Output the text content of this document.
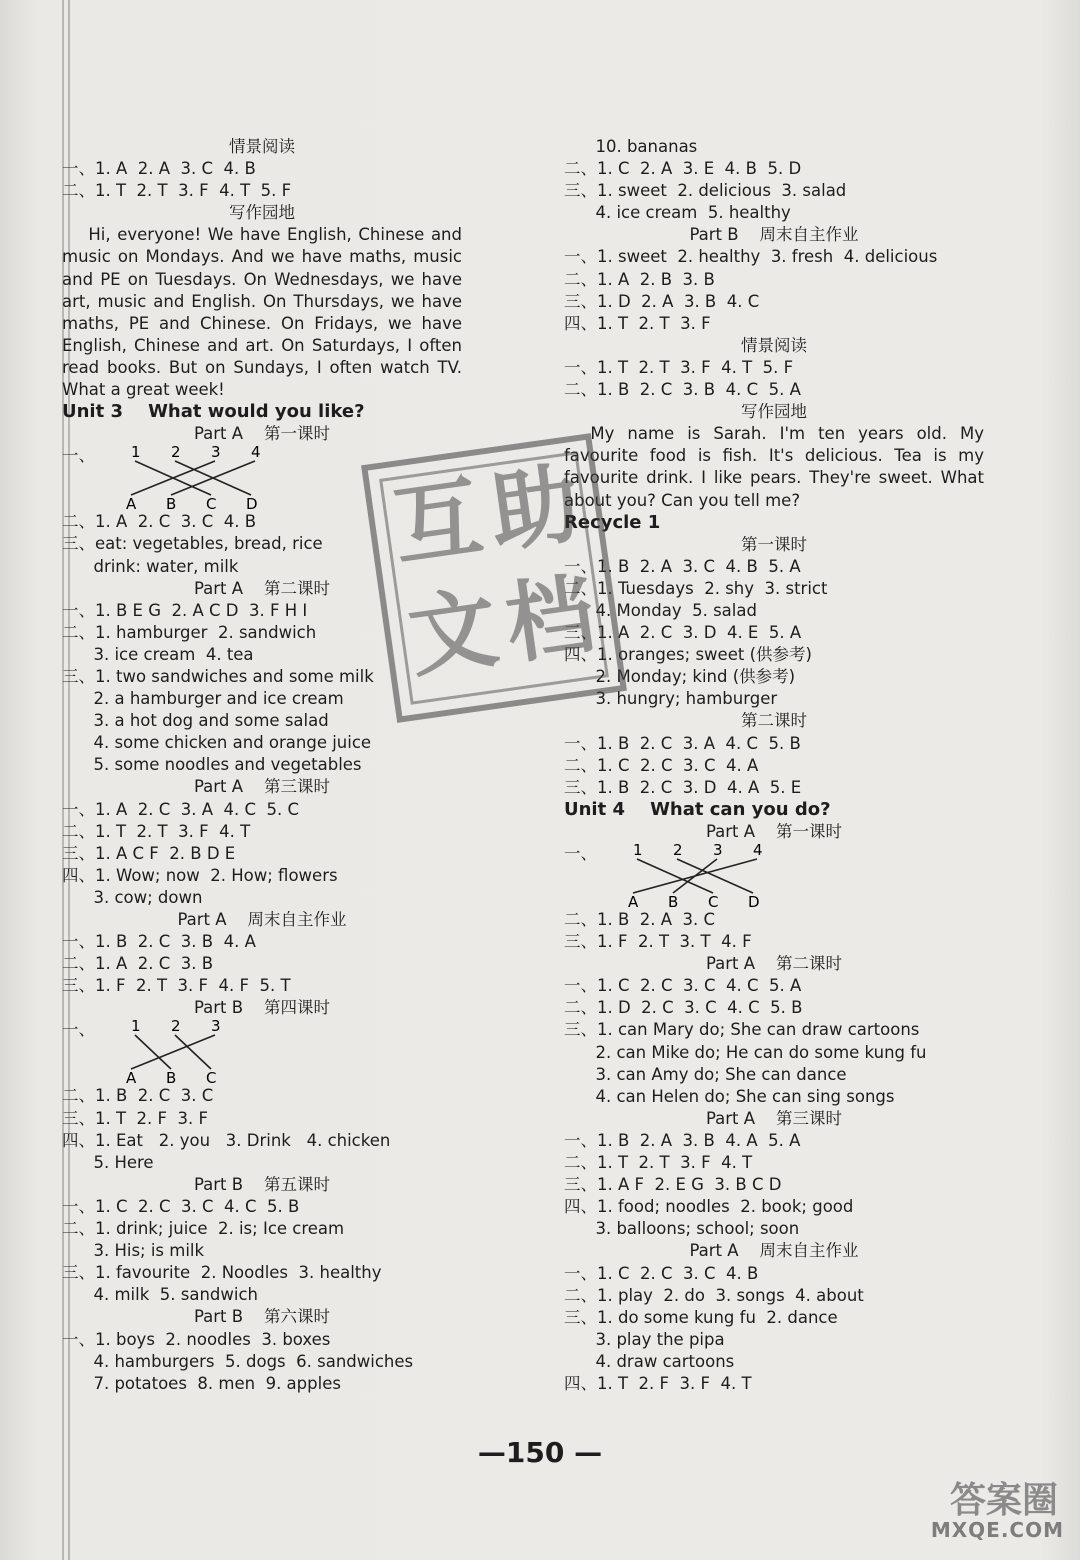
情景阅读

一、1. A  2. A  3. C  4. B

二、1. T  2. T  3. F  4. T  5. F

写作园地

Hi, everyone! We have English, Chinese and music on Mondays. And we have maths, music and PE on Tuesdays. On Wednesdays, we have art, music and English. On Thursdays, we have maths, PE and Chinese. On Fridays, we have English, Chinese and art. On Saturdays, I often read books. But on Sundays, I often watch TV. What a great week!

Unit 3    What would you like?

Part A    第一课时

一、 1 2 3 4
A B C D

二、1. A  2. C  3. C  4. B

三、eat: vegetables, bread, rice

drink: water, milk

Part A    第二课时

一、1. B E G  2. A C D  3. F H I

二、1. hamburger  2. sandwich

3. ice cream  4. tea

三、1. two sandwiches and some milk

2. a hamburger and ice cream

3. a hot dog and some salad

4. some chicken and orange juice

5. some noodles and vegetables

Part A    第三课时

一、1. A  2. C  3. A  4. C  5. C

二、1. T  2. T  3. F  4. T

三、1. A C F  2. B D E

四、1. Wow; now  2. How; flowers

3. cow; down

Part A    周末自主作业

一、1. B  2. C  3. B  4. A

二、1. A  2. C  3. B

三、1. F  2. T  3. F  4. F  5. T

Part B    第四课时

一、 1 2 3
A B C

二、1. B  2. C  3. C

三、1. T  2. F  3. F

四、1. Eat   2. you   3. Drink   4. chicken

5. Here

Part B    第五课时

一、1. C  2. C  3. C  4. C  5. B

二、1. drink; juice  2. is; Ice cream

3. His; is milk

三、1. favourite  2. Noodles  3. healthy

4. milk  5. sandwich

Part B    第六课时

一、1. boys  2. noodles  3. boxes

4. hamburgers  5. dogs  6. sandwiches

7. potatoes  8. men  9. apples

10. bananas

二、1. C  2. A  3. E  4. B  5. D

三、1. sweet  2. delicious  3. salad

4. ice cream  5. healthy

Part B    周末自主作业

一、1. sweet  2. healthy  3. fresh  4. delicious

二、1. A  2. B  3. B

三、1. D  2. A  3. B  4. C

四、1. T  2. T  3. F

情景阅读

一、1. T  2. T  3. F  4. T  5. F

二、1. B  2. C  3. B  4. C  5. A

写作园地

My name is Sarah. I'm ten years old. My favourite food is fish. It's delicious. Tea is my favourite drink. I like pears. They're sweet. What about you? Can you tell me?

Recycle 1

第一课时

一、1. B  2. A  3. C  4. B  5. A

二、1. Tuesdays  2. shy  3. strict

4. Monday  5. salad

三、1. A  2. C  3. D  4. E  5. A

四、1. oranges; sweet (供参考)

2. Monday; kind (供参考)

3. hungry; hamburger

第二课时

一、1. B  2. C  3. A  4. C  5. B

二、1. C  2. C  3. C  4. A

三、1. B  2. C  3. D  4. A  5. E

Unit 4    What can you do?

Part A    第一课时

一、 1 2 3 4
A B C D

二、1. B  2. A  3. C

三、1. F  2. T  3. T  4. F

Part A    第二课时

一、1. C  2. C  3. C  4. C  5. A

二、1. D  2. C  3. C  4. C  5. B

三、1. can Mary do; She can draw cartoons

2. can Mike do; He can do some kung fu

3. can Amy do; She can dance

4. can Helen do; She can sing songs

Part A    第三课时

一、1. B  2. A  3. B  4. A  5. A

二、1. T  2. T  3. F  4. T

三、1. A F  2. E G  3. B C D

四、1. food; noodles  2. book; good

3. balloons; school; soon

Part A    周末自主作业

一、1. C  2. C  3. C  4. B

二、1. play  2. do  3. songs  4. about

三、1. do some kung fu  2. dance

3. play the pipa

4. draw cartoons

四、1. T  2. F  3. F  4. T

互
助
文
档
—150 —
答案圈
MXQE.COM
